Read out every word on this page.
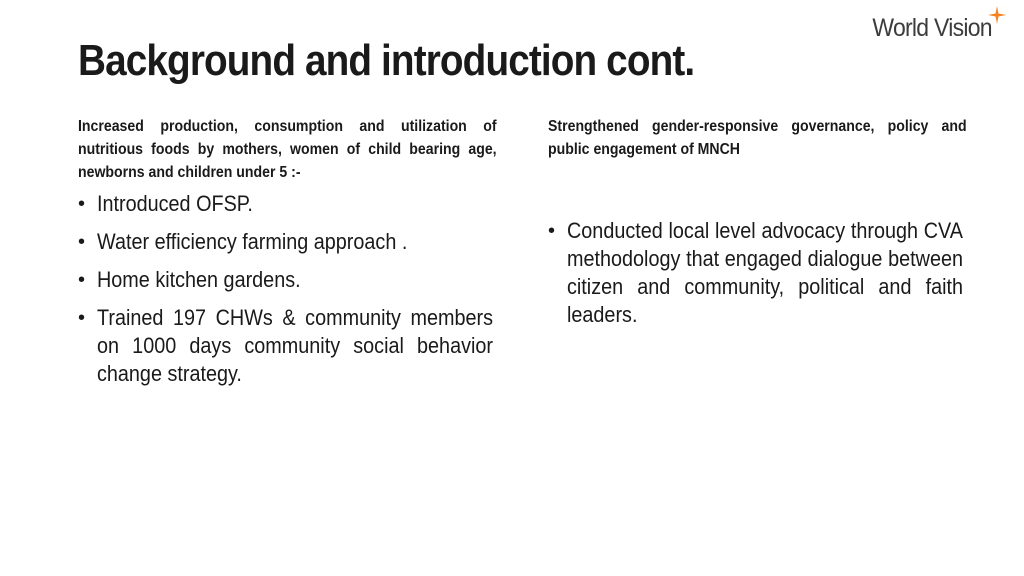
World Vision
Background and introduction cont.
Increased production, consumption and utilization of nutritious foods by mothers, women of child bearing age, newborns and children under 5 :-
• Introduced OFSP.
• Water efficiency farming approach .
• Home kitchen gardens.
• Trained 197 CHWs & community members on 1000 days community social behavior change strategy.
Strengthened gender-responsive governance, policy and public engagement of MNCH
• Conducted local level advocacy through CVA methodology that engaged dialogue between citizen and community, political and faith leaders.
